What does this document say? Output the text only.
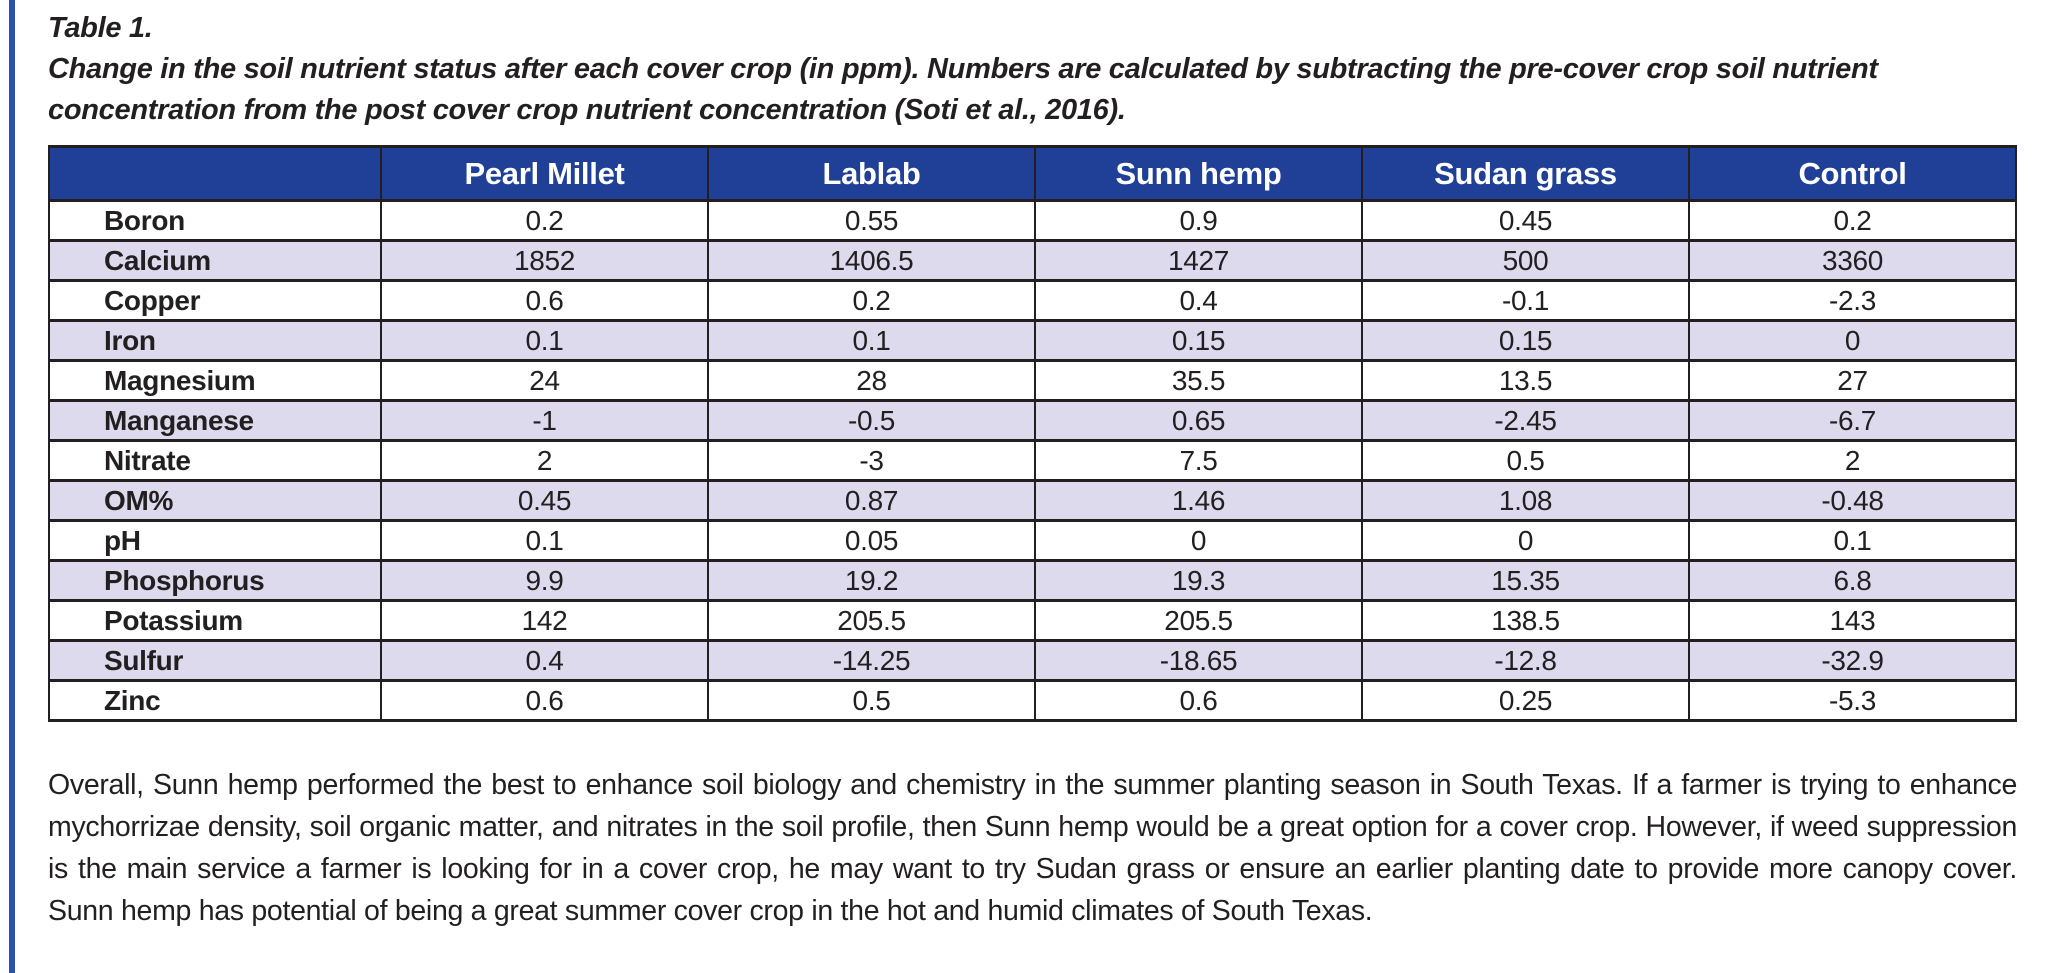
Table 1.
Change in the soil nutrient status after each cover crop (in ppm). Numbers are calculated by subtracting the pre-cover crop soil nutrient concentration from the post cover crop nutrient concentration (Soti et al., 2016).
	Pearl Millet	Lablab	Sunn hemp	Sudan grass	Control
Boron	0.2	0.55	0.9	0.45	0.2
Calcium	1852	1406.5	1427	500	3360
Copper	0.6	0.2	0.4	-0.1	-2.3
Iron	0.1	0.1	0.15	0.15	0
Magnesium	24	28	35.5	13.5	27
Manganese	-1	-0.5	0.65	-2.45	-6.7
Nitrate	2	-3	7.5	0.5	2
OM%	0.45	0.87	1.46	1.08	-0.48
pH	0.1	0.05	0	0	0.1
Phosphorus	9.9	19.2	19.3	15.35	6.8
Potassium	142	205.5	205.5	138.5	143
Sulfur	0.4	-14.25	-18.65	-12.8	-32.9
Zinc	0.6	0.5	0.6	0.25	-5.3

Overall, Sunn hemp performed the best to enhance soil biology and chemistry in the summer planting season in South Texas. If a farmer is trying to enhance mychorrizae density, soil organic matter, and nitrates in the soil profile, then Sunn hemp would be a great option for a cover crop. However, if weed suppression is the main service a farmer is looking for in a cover crop, he may want to try Sudan grass or ensure an earlier planting date to provide more canopy cover. Sunn hemp has potential of being a great summer cover crop in the hot and humid climates of South Texas.
